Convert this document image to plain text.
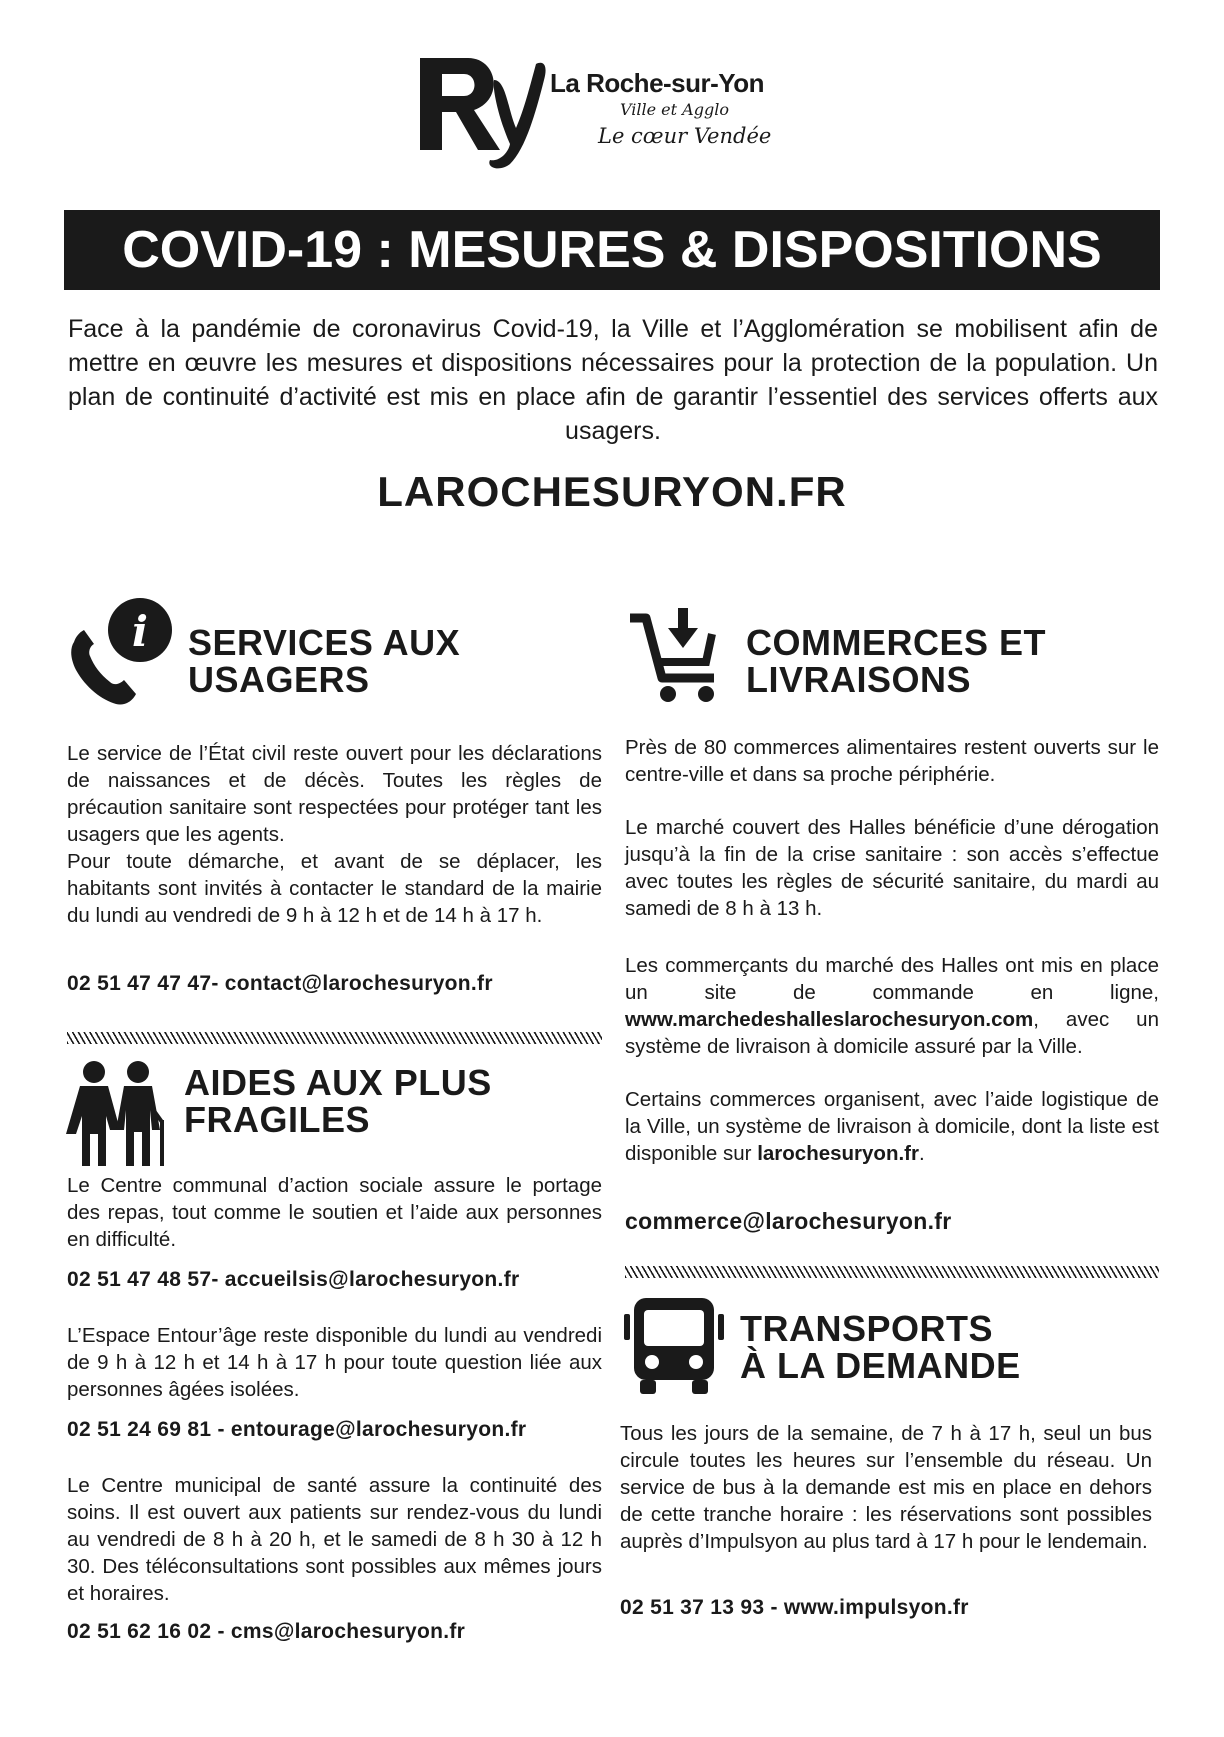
La Roche-sur-Yon
Ville et Agglo
Le cœur Vendée
COVID-19 : MESURES & DISPOSITIONS
Face à la pandémie de coronavirus Covid-19, la Ville et l’Agglomération se mobilisent afin de mettre en œuvre les mesures et dispositions nécessaires pour la protection de la population. Un plan de continuité d’activité est mis en place afin de garantir l’essentiel des services offerts aux usagers.
LAROCHESURYON.FR
i SERVICES AUX
USAGERS
Le service de l’État civil reste ouvert pour les déclarations de naissances et de décès. Toutes les règles de précaution sanitaire sont respectées pour protéger tant les usagers que les agents.
Pour toute démarche, et avant de se déplacer, les habitants sont invités à contacter le standard de la mairie du lundi au vendredi de 9 h à 12 h et de 14 h à 17 h.
02 51 47 47 47- contact@larochesuryon.fr
AIDES AUX PLUS
FRAGILES
Le Centre communal d’action sociale assure le portage des repas, tout comme le soutien et l’aide aux personnes en difficulté.
02 51 47 48 57- accueilsis@larochesuryon.fr
L’Espace Entour’âge reste disponible du lundi au vendredi de 9 h à 12 h et 14 h à 17 h pour toute question liée aux personnes âgées isolées.
02 51 24 69 81 - entourage@larochesuryon.fr
Le Centre municipal de santé assure la continuité des soins. Il est ouvert aux patients sur rendez-vous du lundi au vendredi de 8 h à 20 h, et le samedi de 8 h 30 à 12 h 30. Des téléconsultations sont possibles aux mêmes jours et horaires.
02 51 62 16 02 - cms@larochesuryon.fr
COMMERCES ET
LIVRAISONS
Près de 80 commerces alimentaires restent ouverts sur le centre-ville et dans sa proche périphérie.
Le marché couvert des Halles bénéficie d’une dérogation jusqu’à la fin de la crise sanitaire : son accès s’effectue avec toutes les règles de sécurité sanitaire, du mardi au samedi de 8 h à 13 h.
Les commerçants du marché des Halles ont mis en place un site de commande en ligne, www.marchedeshalleslarochesuryon.com, avec un système de livraison à domicile assuré par la Ville.
Certains commerces organisent, avec l’aide logistique de la Ville, un système de livraison à domicile, dont la liste est disponible sur larochesuryon.fr.
commerce@larochesuryon.fr
TRANSPORTS
À LA DEMANDE
Tous les jours de la semaine, de 7 h à 17 h, seul un bus circule toutes les heures sur l’ensemble du réseau. Un service de bus à la demande est mis en place en dehors de cette tranche horaire : les réservations sont possibles auprès d’Impulsyon au plus tard à 17 h pour le lendemain.
02 51 37 13 93 - www.impulsyon.fr
